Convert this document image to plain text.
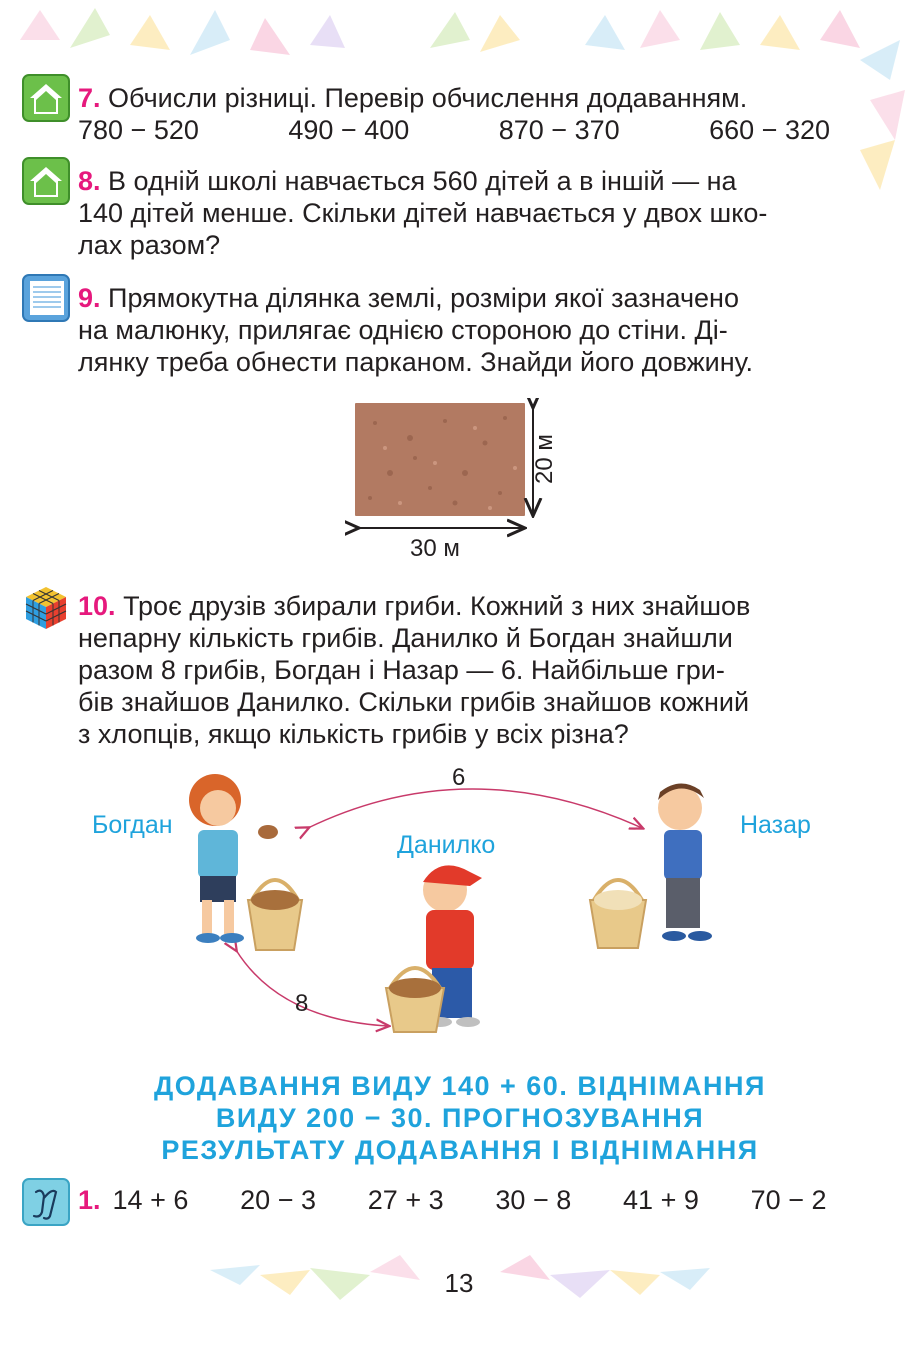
7. Обчисли різниці. Перевір обчислення додаванням.

780 − 520	490 − 400	870 − 370	660 − 320

8. В одній школі навчається 560 дітей а в іншій — на

140 дітей менше. Скільки дітей навчається у двох шко-

лах разом?

9. Прямокутна ділянка землі, розміри якої зазначено

на малюнку, прилягає однією стороною до стіни. Ді-

лянку треба обнести парканом. Знайди його довжину.

30 м
20 м

10. Троє друзів збирали гриби. Кожний з них знайшов

непарну кількість грибів. Данилко й Богдан знайшли

разом 8 грибів, Богдан і Назар — 6. Найбільше гри-

бів знайшов Данилко. Скільки грибів знайшов кожний

з хлопців, якщо кількість грибів у всіх різна?

Богдан
Данилко
Назар
6
8
ДОДАВАННЯ ВИДУ 140 + 60. ВІДНІМАННЯ
ВИДУ 200 − 30. ПРОГНОЗУВАННЯ
РЕЗУЛЬТАТУ ДОДАВАННЯ І ВІДНІМАННЯ
1. 14 + 6 20 − 3 27 + 3 30 − 8 41 + 9 70 − 2
13
